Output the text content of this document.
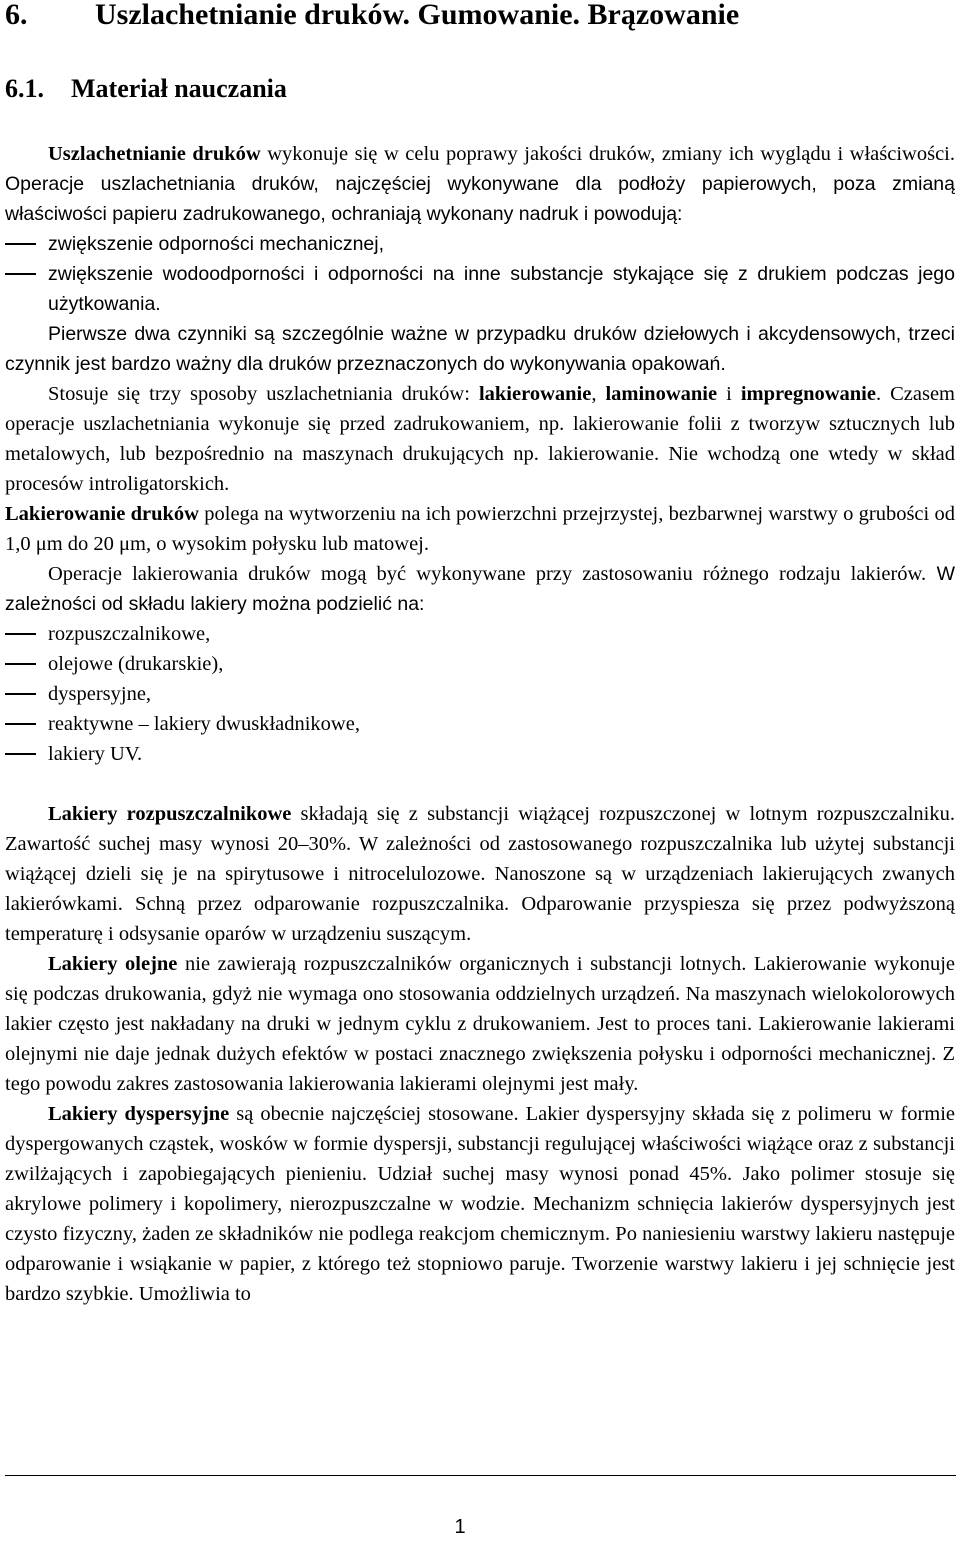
6. Uszlachetnianie druków. Gumowanie. Brązowanie
6.1. Materiał nauczania

Uszlachetnianie druków wykonuje się w celu poprawy jakości druków, zmiany ich wyglądu i właściwości. Operacje uszlachetniania druków, najczęściej wykonywane dla podłoży papierowych, poza zmianą właściwości papieru zadrukowanego, ochraniają wykonany nadruk i powodują:

zwiększenie odporności mechanicznej,
zwiększenie wodoodporności i odporności na inne substancje stykające się z drukiem podczas jego użytkowania.

Pierwsze dwa czynniki są szczególnie ważne w przypadku druków dziełowych i akcydensowych, trzeci czynnik jest bardzo ważny dla druków przeznaczonych do wykonywania opakowań.

Stosuje się trzy sposoby uszlachetniania druków: lakierowanie, laminowanie i impregnowanie. Czasem operacje uszlachetniania wykonuje się przed zadrukowaniem, np. lakierowanie folii z tworzyw sztucznych lub metalowych, lub bezpośrednio na maszynach drukujących np. lakierowanie. Nie wchodzą one wtedy w skład procesów introligatorskich.

Lakierowanie druków polega na wytworzeniu na ich powierzchni przejrzystej, bezbarwnej warstwy o grubości od 1,0 μm do 20 μm, o wysokim połysku lub matowej.

Operacje lakierowania druków mogą być wykonywane przy zastosowaniu różnego rodzaju lakierów. W zależności od składu lakiery można podzielić na:

rozpuszczalnikowe,
olejowe (drukarskie),
dyspersyjne,
reaktywne – lakiery dwuskładnikowe,
lakiery UV.

Lakiery rozpuszczalnikowe składają się z substancji wiążącej rozpuszczonej w lotnym rozpuszczalniku. Zawartość suchej masy wynosi 20–30%. W zależności od zastosowanego rozpuszczalnika lub użytej substancji wiążącej dzieli się je na spirytusowe i nitrocelulozowe. Nanoszone są w urządzeniach lakierujących zwanych lakierówkami. Schną przez odparowanie rozpuszczalnika. Odparowanie przyspiesza się przez podwyższoną temperaturę i odsysanie oparów w urządzeniu suszącym.

Lakiery olejne nie zawierają rozpuszczalników organicznych i substancji lotnych. Lakierowanie wykonuje się podczas drukowania, gdyż nie wymaga ono stosowania oddzielnych urządzeń. Na maszynach wielokolorowych lakier często jest nakładany na druki w jednym cyklu z drukowaniem. Jest to proces tani. Lakierowanie lakierami olejnymi nie daje jednak dużych efektów w postaci znacznego zwiększenia połysku i odporności mechanicznej. Z tego powodu zakres zastosowania lakierowania lakierami olejnymi jest mały.

Lakiery dyspersyjne są obecnie najczęściej stosowane. Lakier dyspersyjny składa się z polimeru w formie dyspergowanych cząstek, wosków w formie dyspersji, substancji regulującej właściwości wiążące oraz z substancji zwilżających i zapobiegających pienieniu. Udział suchej masy wynosi ponad 45%. Jako polimer stosuje się akrylowe polimery i kopolimery, nierozpuszczalne w wodzie. Mechanizm schnięcia lakierów dyspersyjnych jest czysto fizyczny, żaden ze składników nie podlega reakcjom chemicznym. Po naniesieniu warstwy lakieru następuje odparowanie i wsiąkanie w papier, z którego też stopniowo paruje. Tworzenie warstwy lakieru i jej schnięcie jest bardzo szybkie. Umożliwia to

1
